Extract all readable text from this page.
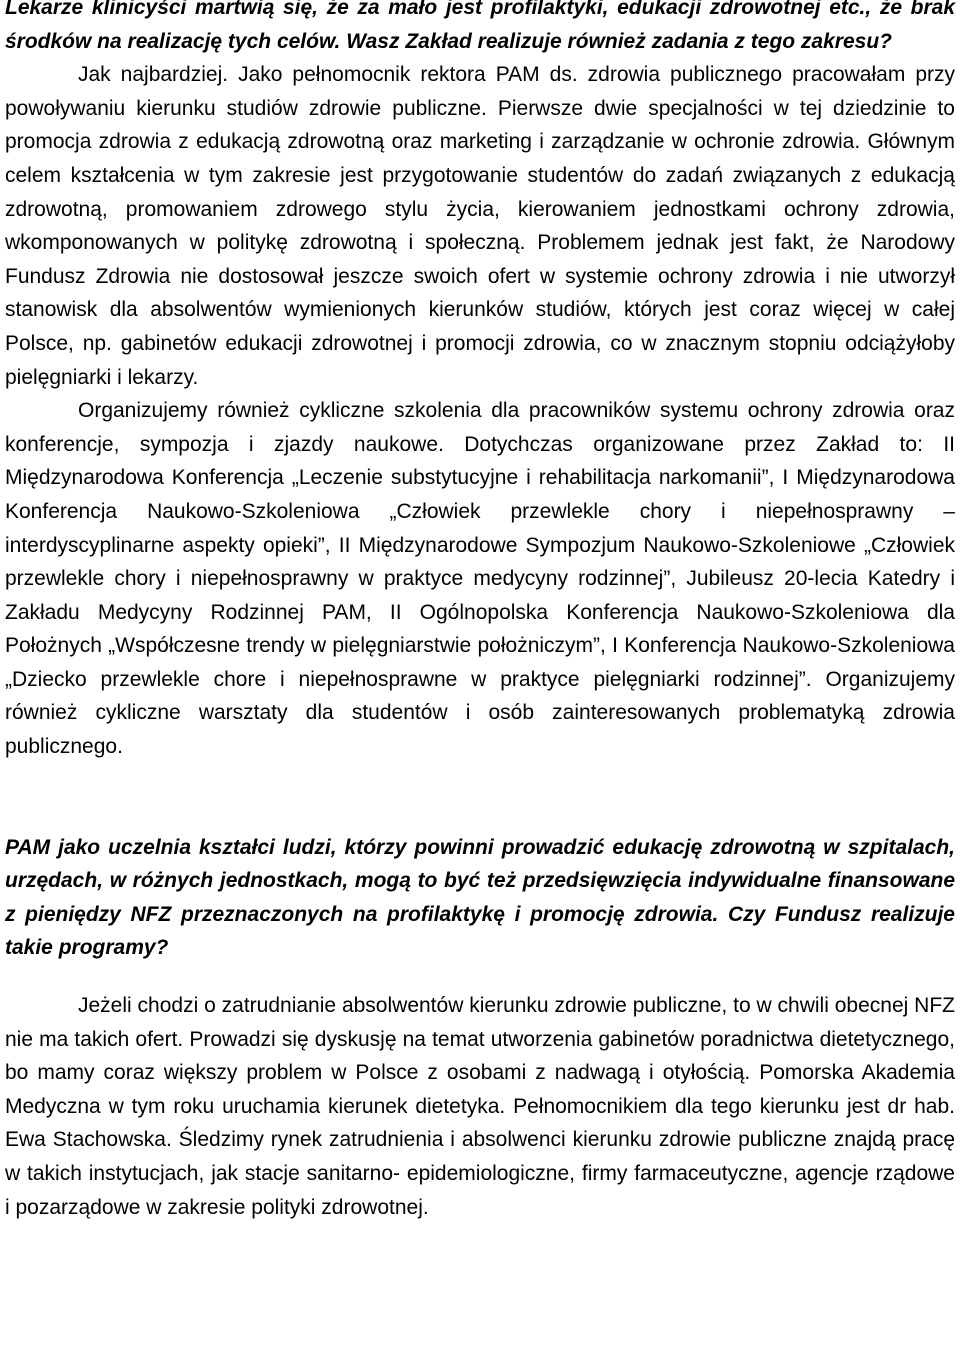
Lekarze klinicyści martwią się, że za mało jest profilaktyki, edukacji zdrowotnej etc., że brak środków na realizację tych celów. Wasz Zakład realizuje również zadania z tego zakresu?

Jak najbardziej. Jako pełnomocnik rektora PAM ds. zdrowia publicznego pracowałam przy powoływaniu kierunku studiów zdrowie publiczne. Pierwsze dwie specjalności w tej dziedzinie to promocja zdrowia z edukacją zdrowotną oraz marketing i zarządzanie w ochronie zdrowia. Głównym celem kształcenia w tym zakresie jest przygotowanie studentów do zadań związanych z edukacją zdrowotną, promowaniem zdrowego stylu życia, kierowaniem jednostkami ochrony zdrowia, wkomponowanych w politykę zdrowotną i społeczną. Problemem jednak jest fakt, że Narodowy Fundusz Zdrowia nie dostosował jeszcze swoich ofert w systemie ochrony zdrowia i nie utworzył stanowisk dla absolwentów wymienionych kierunków studiów, których jest coraz więcej w całej Polsce, np. gabinetów edukacji zdrowotnej i promocji zdrowia, co w znacznym stopniu odciążyłoby pielęgniarki i lekarzy.

Organizujemy również cykliczne szkolenia dla pracowników systemu ochrony zdrowia oraz konferencje, sympozja i zjazdy naukowe. Dotychczas organizowane przez Zakład to: II Międzynarodowa Konferencja „Leczenie substytucyjne i rehabilitacja narkomanii”, I Międzynarodowa Konferencja Naukowo-Szkoleniowa „Człowiek przewlekle chory i niepełnosprawny – interdyscyplinarne aspekty opieki”, II Międzynarodowe Sympozjum Naukowo-Szkoleniowe „Człowiek przewlekle chory i niepełnosprawny w praktyce medycyny rodzinnej”, Jubileusz 20-lecia Katedry i Zakładu Medycyny Rodzinnej PAM, II Ogólnopolska Konferencja Naukowo-Szkoleniowa dla Położnych „Współczesne trendy w pielęgniarstwie położniczym”, I Konferencja Naukowo-Szkoleniowa „Dziecko przewlekle chore i niepełnosprawne w praktyce pielęgniarki rodzinnej”. Organizujemy również cykliczne warsztaty dla studentów i osób zainteresowanych problematyką zdrowia publicznego.

PAM jako uczelnia kształci ludzi, którzy powinni prowadzić edukację zdrowotną w szpitalach, urzędach, w różnych jednostkach, mogą to być też przedsięwzięcia indywidualne finansowane z pieniędzy NFZ przeznaczonych na profilaktykę i promocję zdrowia. Czy Fundusz realizuje takie programy?

Jeżeli chodzi o zatrudnianie absolwentów kierunku zdrowie publiczne, to w chwili obecnej NFZ nie ma takich ofert. Prowadzi się dyskusję na temat utworzenia gabinetów poradnictwa dietetycznego, bo mamy coraz większy problem w Polsce z osobami z nadwagą i otyłością. Pomorska Akademia Medyczna w tym roku uruchamia kierunek dietetyka. Pełnomocnikiem dla tego kierunku jest dr hab. Ewa Stachowska. Śledzimy rynek zatrudnienia i absolwenci kierunku zdrowie publiczne znajdą pracę w takich instytucjach, jak stacje sanitarno- epidemiologiczne, firmy farmaceutyczne, agencje rządowe i pozarządowe w zakresie polityki zdrowotnej.
